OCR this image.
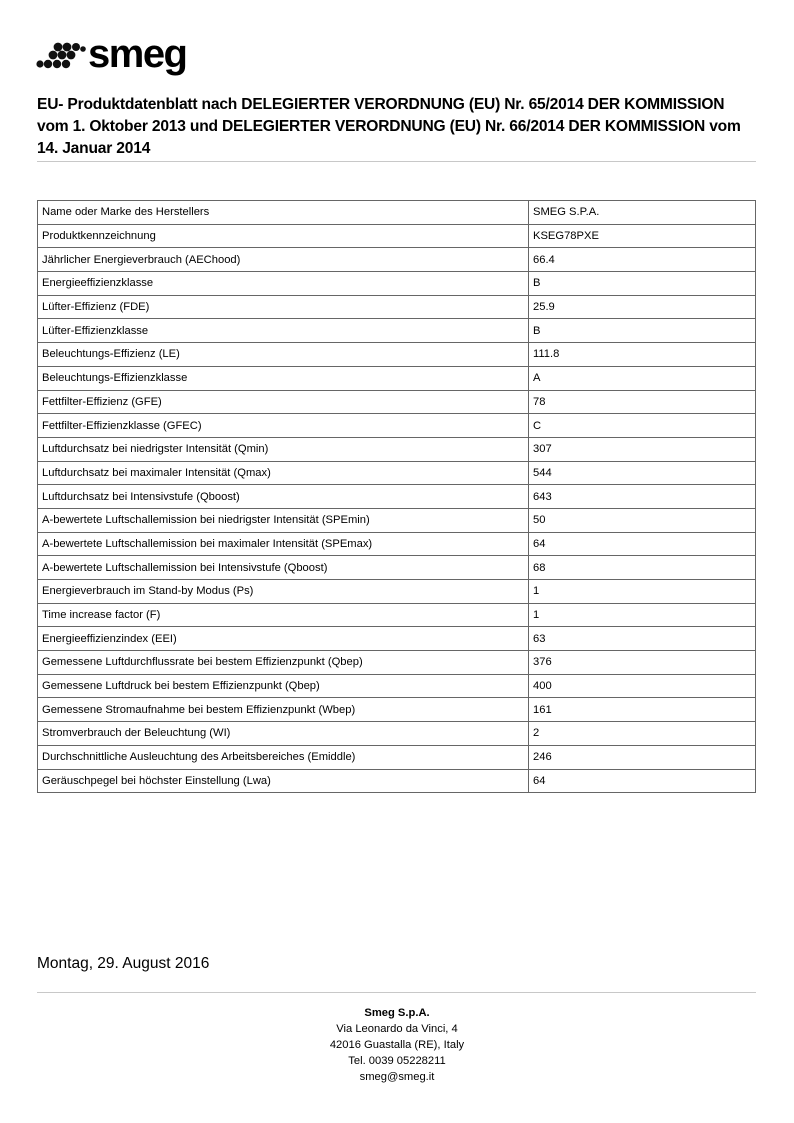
smeg
EU- Produktdatenblatt nach DELEGIERTER VERORDNUNG (EU) Nr. 65/2014 DER KOMMISSION vom 1. Oktober 2013 und DELEGIERTER VERORDNUNG (EU) Nr. 66/2014 DER KOMMISSION vom 14. Januar 2014
Name oder Marke des Herstellers	SMEG S.P.A.
Produktkennzeichnung	KSEG78PXE
Jährlicher Energieverbrauch (AEChood)	66.4
Energieeffizienzklasse	B
Lüfter-Effizienz (FDE)	25.9
Lüfter-Effizienzklasse	B
Beleuchtungs-Effizienz (LE)	111.8
Beleuchtungs-Effizienzklasse	A
Fettfilter-Effizienz (GFE)	78
Fettfilter-Effizienzklasse (GFEC)	C
Luftdurchsatz bei niedrigster Intensität (Qmin)	307
Luftdurchsatz bei maximaler Intensität (Qmax)	544
Luftdurchsatz bei Intensivstufe (Qboost)	643
A-bewertete Luftschallemission bei niedrigster Intensität (SPEmin)	50
A-bewertete Luftschallemission bei maximaler Intensität (SPEmax)	64
A-bewertete Luftschallemission bei Intensivstufe (Qboost)	68
Energieverbrauch im Stand-by Modus (Ps)	1
Time increase factor (F)	1
Energieeffizienzindex (EEI)	63
Gemessene Luftdurchflussrate bei bestem Effizienzpunkt (Qbep)	376
Gemessene Luftdruck bei bestem Effizienzpunkt (Qbep)	400
Gemessene Stromaufnahme bei bestem Effizienzpunkt (Wbep)	161
Stromverbrauch der Beleuchtung (WI)	2
Durchschnittliche Ausleuchtung des Arbeitsbereiches (Emiddle)	246
Geräuschpegel bei höchster Einstellung (Lwa)	64
Montag, 29. August 2016
Smeg S.p.A.
Via Leonardo da Vinci, 4
42016 Guastalla (RE), Italy
Tel. 0039 05228211
smeg@smeg.it
